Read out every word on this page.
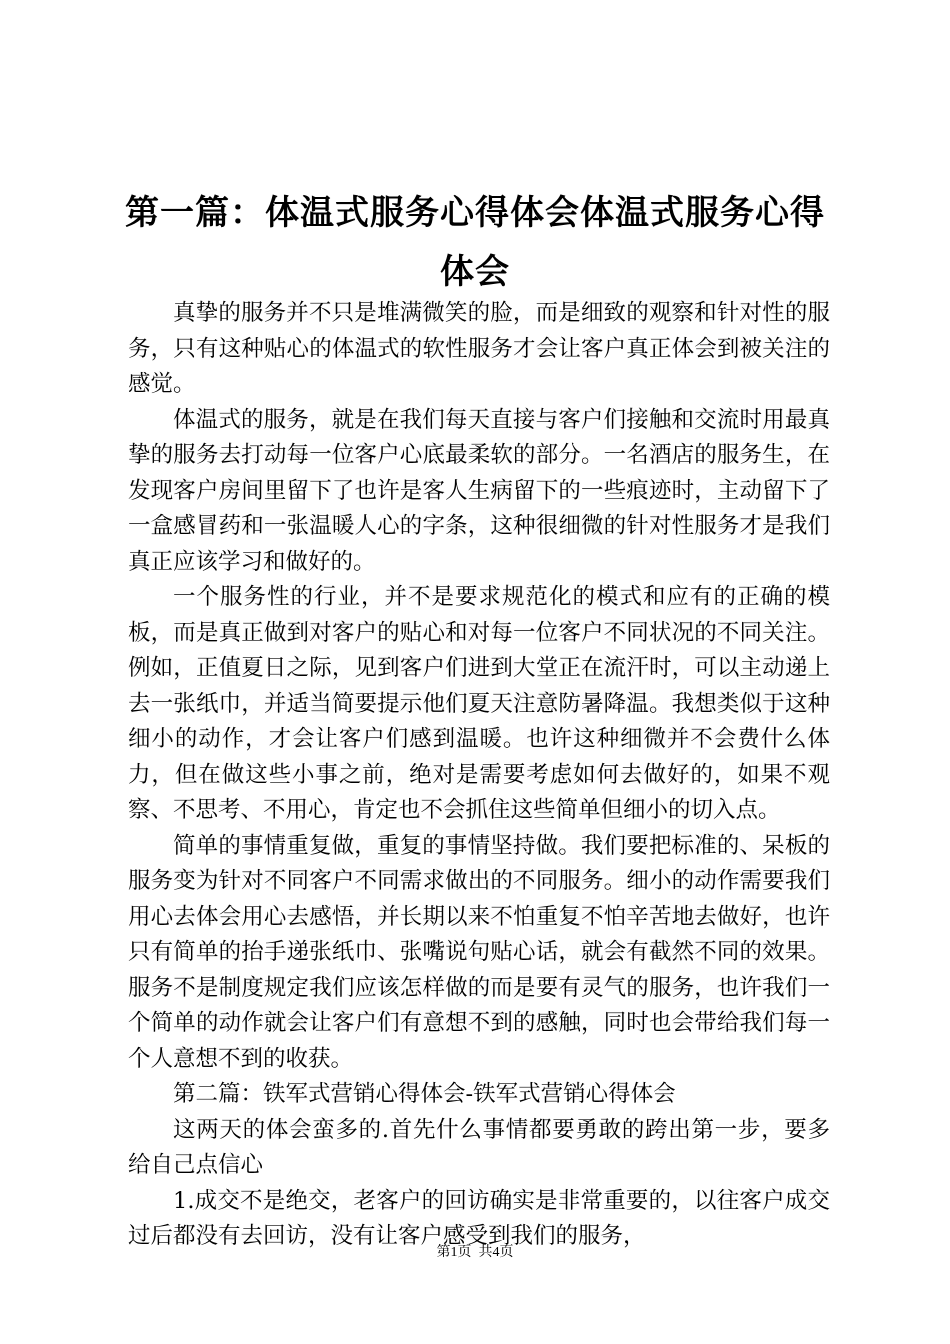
第一篇：体温式服务心得体会体温式服务心得体会

真挚的服务并不只是堆满微笑的脸，而是细致的观察和针对性的服务，只有这种贴心的体温式的软性服务才会让客户真正体会到被关注的感觉。

体温式的服务，就是在我们每天直接与客户们接触和交流时用最真挚的服务去打动每一位客户心底最柔软的部分。一名酒店的服务生，在发现客户房间里留下了也许是客人生病留下的一些痕迹时，主动留下了一盒感冒药和一张温暖人心的字条，这种很细微的针对性服务才是我们真正应该学习和做好的。

一个服务性的行业，并不是要求规范化的模式和应有的正确的模板，而是真正做到对客户的贴心和对每一位客户不同状况的不同关注。例如，正值夏日之际，见到客户们进到大堂正在流汗时，可以主动递上去一张纸巾，并适当简要提示他们夏天注意防暑降温。我想类似于这种细小的动作，才会让客户们感到温暖。也许这种细微并不会费什么体力，但在做这些小事之前，绝对是需要考虑如何去做好的，如果不观察、不思考、不用心，肯定也不会抓住这些简单但细小的切入点。

简单的事情重复做，重复的事情坚持做。我们要把标准的、呆板的服务变为针对不同客户不同需求做出的不同服务。细小的动作需要我们用心去体会用心去感悟，并长期以来不怕重复不怕辛苦地去做好，也许只有简单的抬手递张纸巾、张嘴说句贴心话，就会有截然不同的效果。服务不是制度规定我们应该怎样做的而是要有灵气的服务，也许我们一个简单的动作就会让客户们有意想不到的感触，同时也会带给我们每一个人意想不到的收获。

第二篇：铁军式营销心得体会-铁军式营销心得体会

这两天的体会蛮多的.首先什么事情都要勇敢的跨出第一步，要多给自己点信心

1.成交不是绝交，老客户的回访确实是非常重要的，以往客户成交过后都没有去回访，没有让客户感受到我们的服务，

第1页 共4页
